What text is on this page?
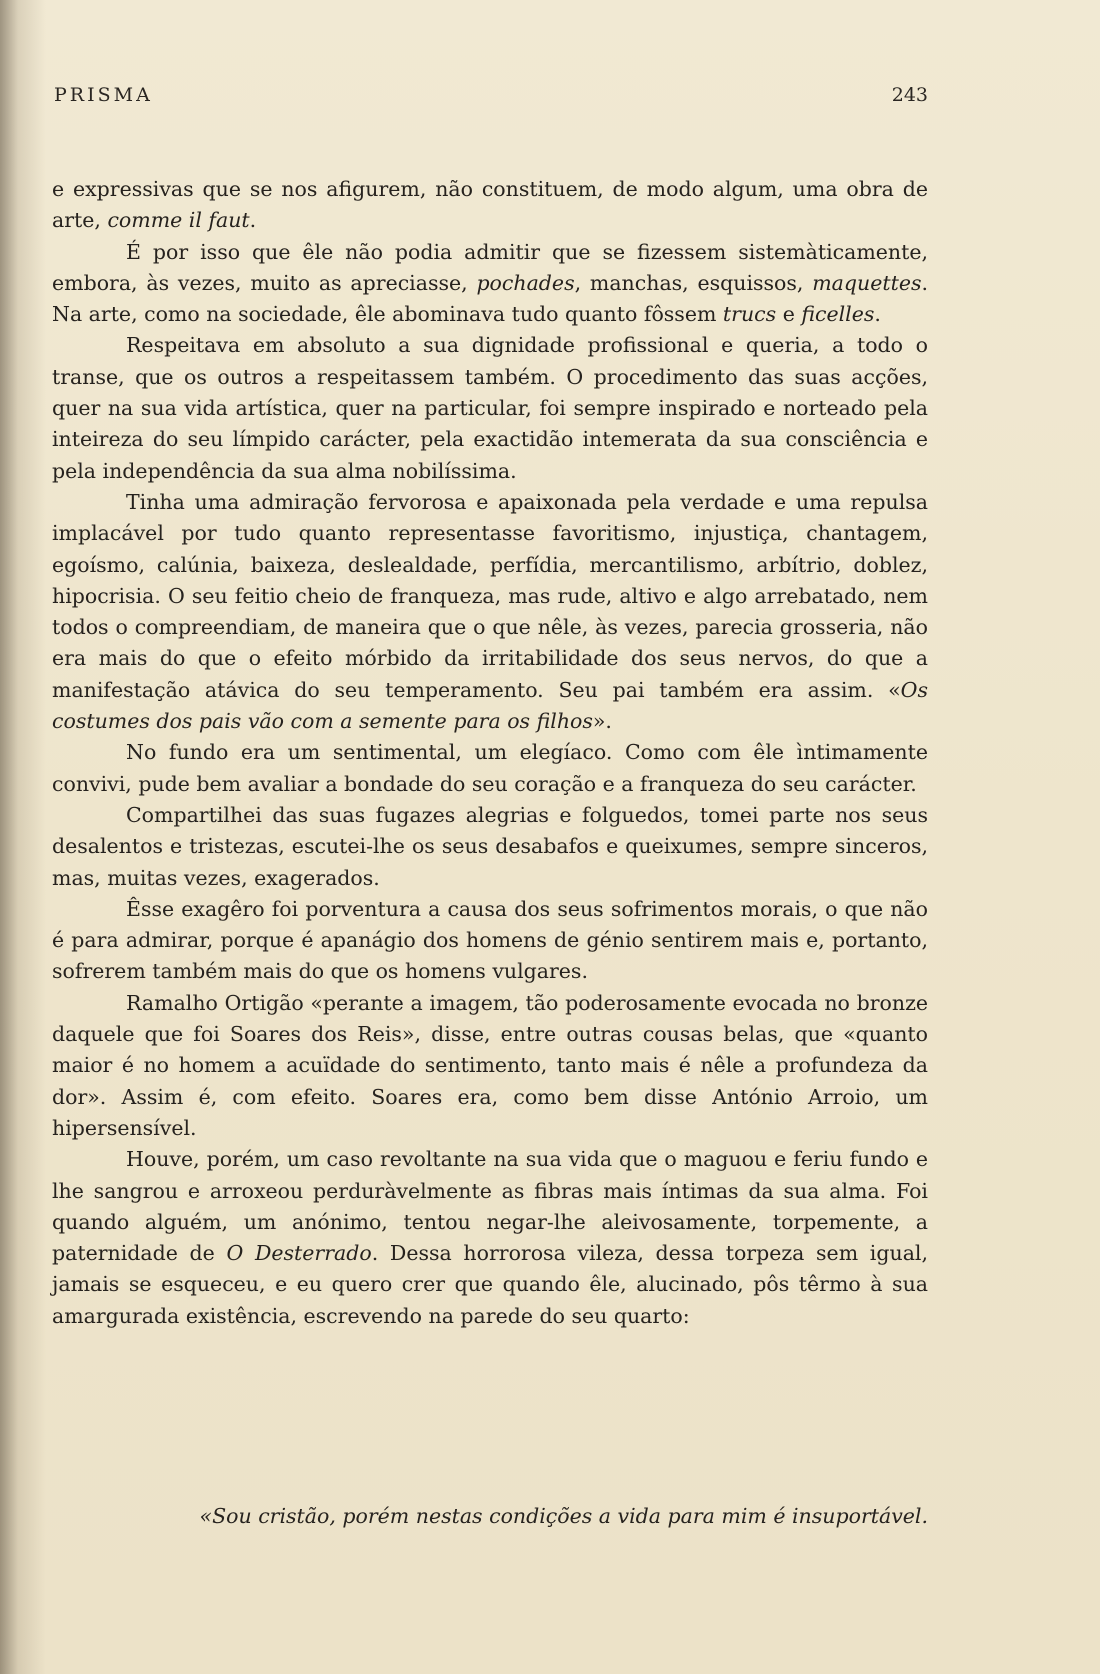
PRISMA	243

e expressivas que se nos afigurem, não constituem, de modo algum, uma obra de arte, comme il faut.

É por isso que êle não podia admitir que se fizessem sistemàticamente, embora, às vezes, muito as apreciasse, pochades, manchas, esquissos, maquettes. Na arte, como na sociedade, êle abominava tudo quanto fôssem trucs e ficelles.

Respeitava em absoluto a sua dignidade profissional e queria, a todo o transe, que os outros a respeitassem também. O procedimento das suas acções, quer na sua vida artística, quer na particular, foi sempre inspirado e norteado pela inteireza do seu límpido carácter, pela exactidão intemerata da sua consciência e pela independência da sua alma nobilíssima.

Tinha uma admiração fervorosa e apaixonada pela verdade e uma repulsa implacável por tudo quanto representasse favoritismo, injustiça, chantagem, egoísmo, calúnia, baixeza, deslealdade, perfídia, mercantilismo, arbítrio, doblez, hipocrisia. O seu feitio cheio de franqueza, mas rude, altivo e algo arrebatado, nem todos o compreendiam, de maneira que o que nêle, às vezes, parecia grosseria, não era mais do que o efeito mórbido da irritabilidade dos seus nervos, do que a manifestação atávica do seu temperamento. Seu pai também era assim. «Os costumes dos pais vão com a semente para os filhos».

No fundo era um sentimental, um elegíaco. Como com êle ìntimamente convivi, pude bem avaliar a bondade do seu coração e a franqueza do seu carácter.

Compartilhei das suas fugazes alegrias e folguedos, tomei parte nos seus desalentos e tristezas, escutei-lhe os seus desabafos e queixumes, sempre sinceros, mas, muitas vezes, exagerados.

Êsse exagêro foi porventura a causa dos seus sofrimentos morais, o que não é para admirar, porque é apanágio dos homens de génio sentirem mais e, portanto, sofrerem também mais do que os homens vulgares.

Ramalho Ortigão «perante a imagem, tão poderosamente evocada no bronze daquele que foi Soares dos Reis», disse, entre outras cousas belas, que «quanto maior é no homem a acuïdade do sentimento, tanto mais é nêle a profundeza da dor». Assim é, com efeito. Soares era, como bem disse António Arroio, um hipersensível.

Houve, porém, um caso revoltante na sua vida que o maguou e feriu fundo e lhe sangrou e arroxeou perduràvelmente as fibras mais íntimas da sua alma. Foi quando alguém, um anónimo, tentou negar-lhe aleivosamente, torpemente, a paternidade de O Desterrado. Dessa horrorosa vileza, dessa torpeza sem igual, jamais se esqueceu, e eu quero crer que quando êle, alucinado, pôs têrmo à sua amargurada existência, escrevendo na parede do seu quarto:

«Sou cristão, porém nestas condições a vida para mim é insuportável.
